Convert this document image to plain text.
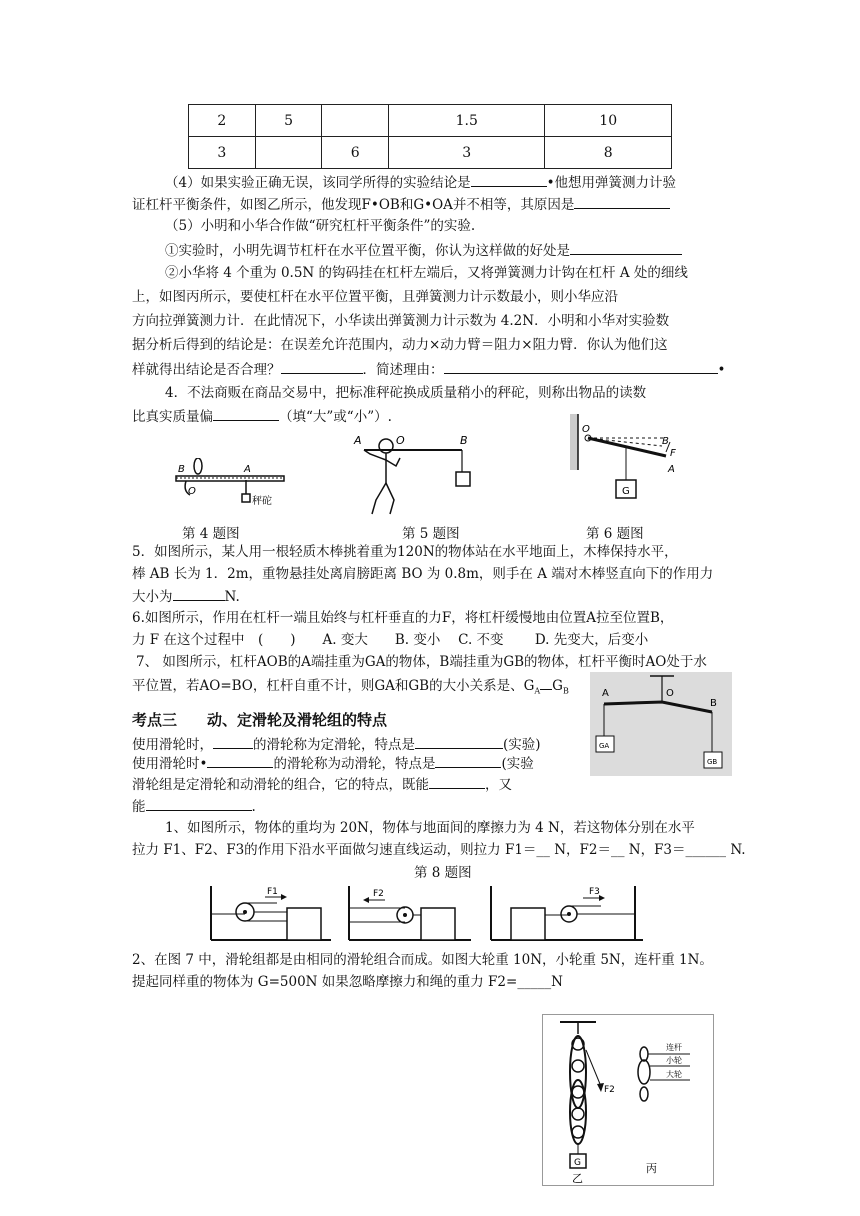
2	5		1.5	10
3		6	3	8
（4）如果实验正确无误，该同学所得的实验结论是	•他想用弹簧测力计验
证杠杆平衡条件，如图乙所示，他发现F•OB和G•OA并不相等，其原因是
（5）小明和小华合作做“研究杠杆平衡条件”的实验.
①实验时，小明先调节杠杆在水平位置平衡，你认为这样做的好处是
②小华将 4 个重为 0.5N 的钩码挂在杠杆左端后，又将弹簧测力计钩在杠杆 A 处的细线
上，如图丙所示，要使杠杆在水平位置平衡，且弹簧测力计示数最小，则小华应沿
方向拉弹簧测力计．在此情况下，小华读出弹簧测力计示数为 4.2N．小明和小华对实验数
据分析后得到的结论是：在误差允许范围内，动力×动力臂＝阻力×阻力臂．你认为他们这
样就得出结论是否合理？	．简述理由：	•
4．不法商贩在商品交易中，把标准秤砣换成质量稍小的秤砣，则称出物品的读数
比真实质量偏	（填“大”或“小”）.
B
O
A
秤砣
A	O	B
O
B
F
A
G
第 4 题图	第 5 题图	第 6 题图
5．如图所示，某人用一根轻质木棒挑着重为120N的物体站在水平地面上，木棒保持水平，
棒 AB 长为 1．2m，重物悬挂处离肩膀距离 BO 为 0.8m，则手在 A 端对木棒竖直向下的作用力
大小为	N.
6.如图所示，作用在杠杆一端且始终与杠杆垂直的力F，将杠杆缓慢地由位置A拉至位置B，
力 F 在这个过程中　(　　)　　A. 变大　　B. 变小　 C. 不变　　 D. 先变大，后变小
7、 如图所示，杠杆AOB的A端挂重为GA的物体，B端挂重为GB的物体，杠杆平衡时AO处于水
平位置，若AO=BO，杠杆自重不计，则GA和GB的大小关系是、$G_A$ $G_B$	A	O
B
GA
GB
考点三　　动、定滑轮及滑轮组的特点
使用滑轮时，	的滑轮称为定滑轮，特点是	(实验)
使用滑轮时•	的滑轮称为动滑轮，特点是	(实验
滑轮组是定滑轮和动滑轮的组合，它的特点，既能	，又
能	.
1、如图所示，物体的重均为 20N，物体与地面间的摩擦力为 4 N，若这物体分别在水平
拉力 F1、F2、F3的作用下沿水平面做匀速直线运动，则拉力 F1＝__ N，F2＝__ N，F3＝______ N.
第 8 题图
F1	F2	F3
2、在图 7 中，滑轮组都是由相同的滑轮组合而成。如图大轮重 10N，小轮重 5N，连杆重 1N。
提起同样重的物体为 G=500N 如果忽略摩擦力和绳的重力 F2=_____N
F2
G
乙
连杆
小轮
大轮
丙
